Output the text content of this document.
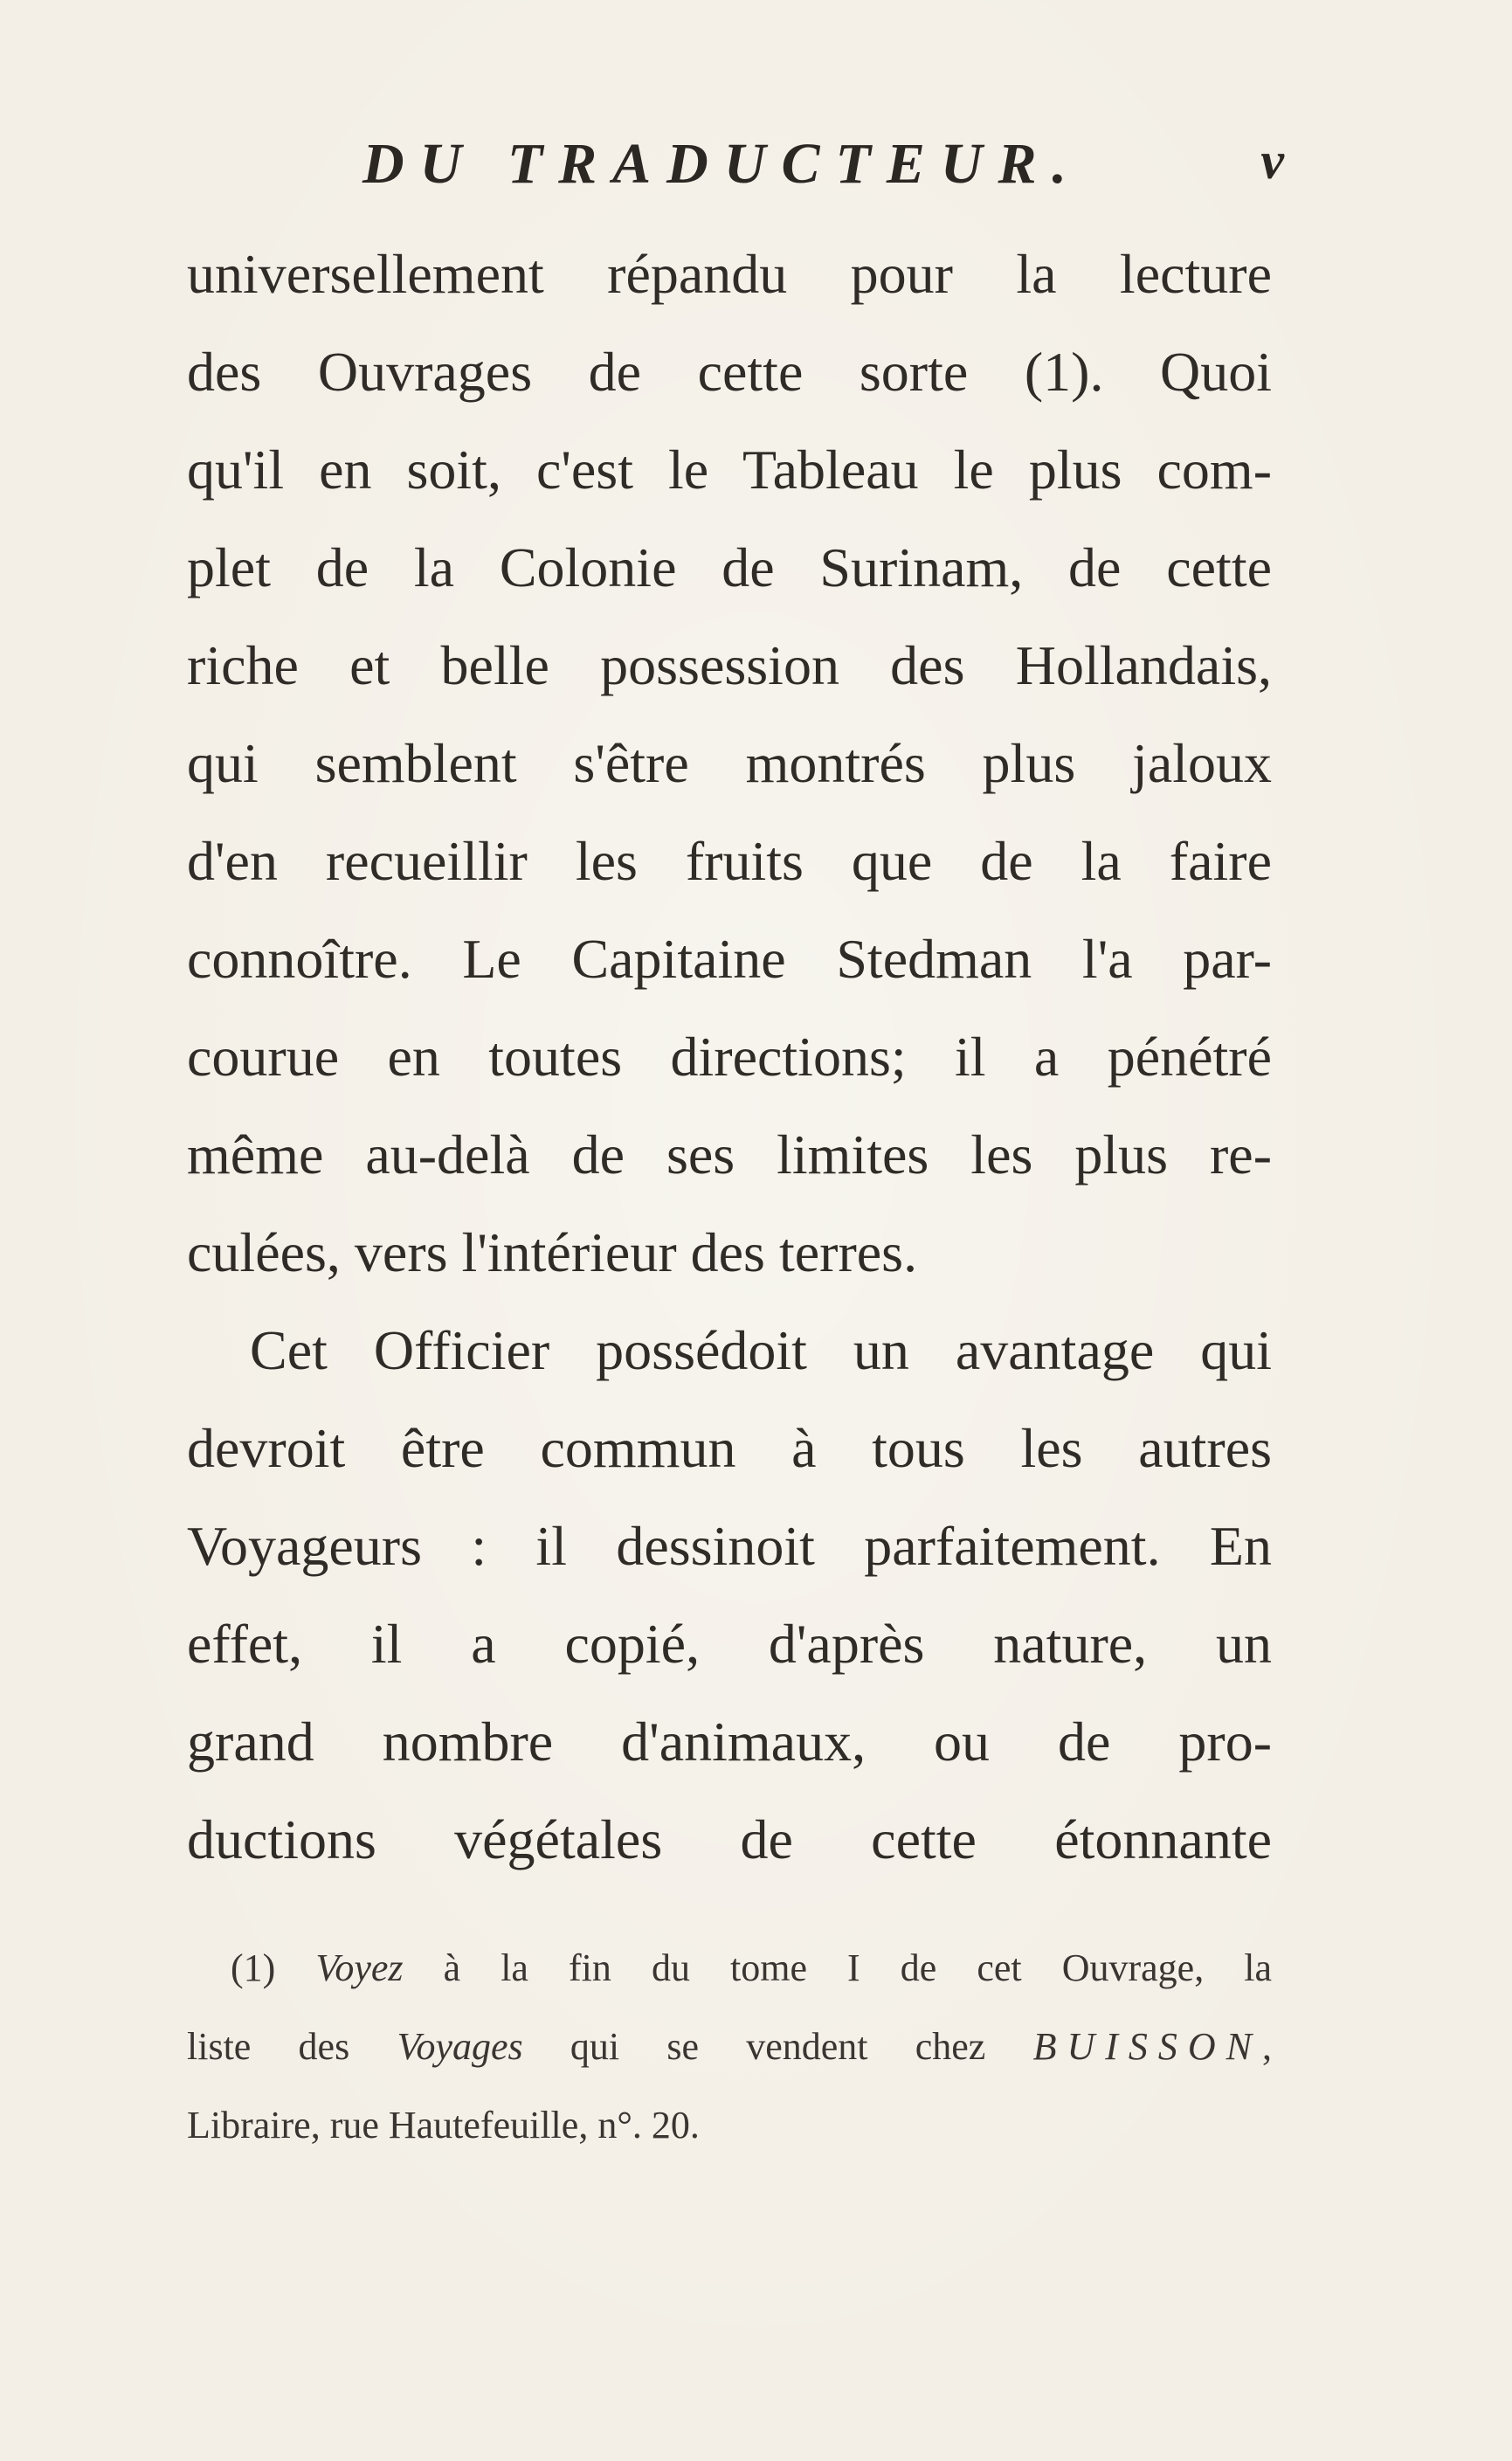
DU TRADUCTEUR.	v
universellement répandu pour la lecture
des Ouvrages de cette sorte (1). Quoi
qu'il en soit, c'est le Tableau le plus com-
plet de la Colonie de Surinam, de cette
riche et belle possession des Hollandais,
qui semblent s'être montrés plus jaloux
d'en recueillir les fruits que de la faire
connoître. Le Capitaine Stedman l'a par-
courue en toutes directions; il a pénétré
même au-delà de ses limites les plus re-
culées, vers l'intérieur des terres.
Cet Officier possédoit un avantage qui
devroit être commun à tous les autres
Voyageurs : il dessinoit parfaitement. En
effet, il a copié, d'après nature, un
grand nombre d'animaux, ou de pro-
ductions végétales de cette étonnante
(1) Voyez à la fin du tome I de cet Ouvrage, la
liste des Voyages qui se vendent chez BUISSON,
Libraire, rue Hautefeuille, n°. 20.
